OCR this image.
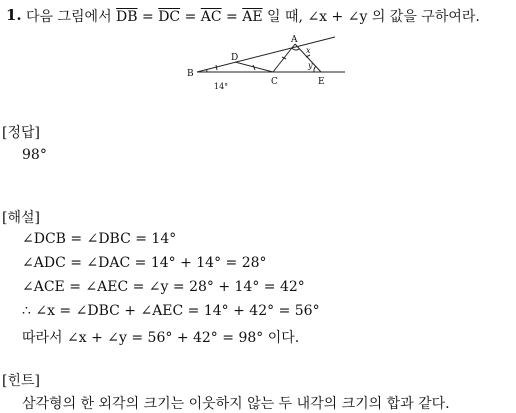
1. 다음 그림에서 $\overline{DB} = \overline{DC} = \overline{AC} = \overline{AE}$ 일 때, ∠x + ∠y 의 값을 구하여라.
B
D
A
C	E
x
y
14°
[정답]
98°
[해설]
∠DCB = ∠DBC = 14°
∠ADC = ∠DAC = 14° + 14° = 28°
∠ACE = ∠AEC = ∠y = 28° + 14° = 42°
∴ ∠x = ∠DBC + ∠AEC = 14° + 42° = 56°
따라서 ∠x + ∠y = 56° + 42° = 98° 이다.
[힌트]
삼각형의 한 외각의 크기는 이웃하지 않는 두 내각의 크기의 합과 같다.
